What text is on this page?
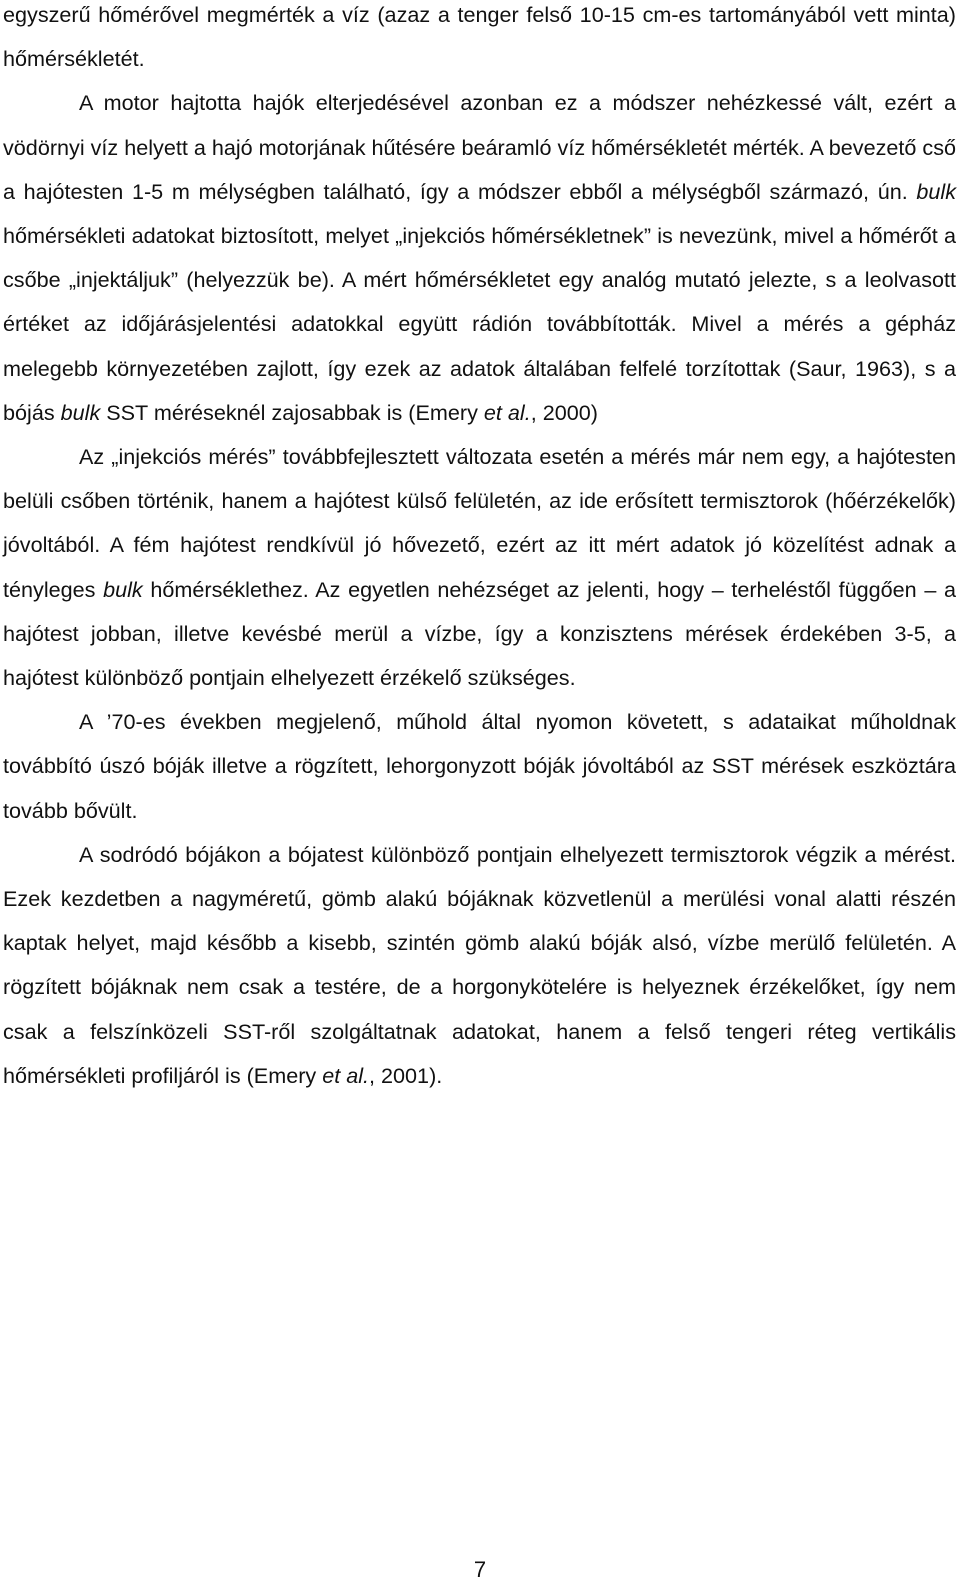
egyszerű hőmérővel megmérték a víz (azaz a tenger felső 10-15 cm-es tartományából vett minta) hőmérsékletét.

A motor hajtotta hajók elterjedésével azonban ez a módszer nehézkessé vált, ezért a vödörnyi víz helyett a hajó motorjának hűtésére beáramló víz hőmérsékletét mérték. A bevezető cső a hajótesten 1-5 m mélységben található, így a módszer ebből a mélységből származó, ún. bulk hőmérsékleti adatokat biztosított, melyet „injekciós hőmérsékletnek” is nevezünk, mivel a hőmérőt a csőbe „injektáljuk” (helyezzük be). A mért hőmérsékletet egy analóg mutató jelezte, s a leolvasott értéket az időjárásjelentési adatokkal együtt rádión továbbították. Mivel a mérés a gépház melegebb környezetében zajlott, így ezek az adatok általában felfelé torzítottak (Saur, 1963), s a bójás bulk SST méréseknél zajosabbak is (Emery et al., 2000)

Az „injekciós mérés” továbbfejlesztett változata esetén a mérés már nem egy, a hajótesten belüli csőben történik, hanem a hajótest külső felületén, az ide erősített termisztorok (hőérzékelők) jóvoltából. A fém hajótest rendkívül jó hővezető, ezért az itt mért adatok jó közelítést adnak a tényleges bulk hőmérséklethez. Az egyetlen nehézséget az jelenti, hogy – terheléstől függően – a hajótest jobban, illetve kevésbé merül a vízbe, így a konzisztens mérések érdekében 3-5, a hajótest különböző pontjain elhelyezett érzékelő szükséges.

A ’70-es években megjelenő, műhold által nyomon követett, s adataikat műholdnak továbbító úszó bóják illetve a rögzített, lehorgonyzott bóják jóvoltából az SST mérések eszköztára tovább bővült.

A sodródó bójákon a bójatest különböző pontjain elhelyezett termisztorok végzik a mérést. Ezek kezdetben a nagyméretű, gömb alakú bójáknak közvetlenül a merülési vonal alatti részén kaptak helyet, majd később a kisebb, szintén gömb alakú bóják alsó, vízbe merülő felületén. A rögzített bójáknak nem csak a testére, de a horgonykötelére is helyeznek érzékelőket, így nem csak a felszínközeli SST-ről szolgáltatnak adatokat, hanem a felső tengeri réteg vertikális hőmérsékleti profiljáról is (Emery et al., 2001).

7
